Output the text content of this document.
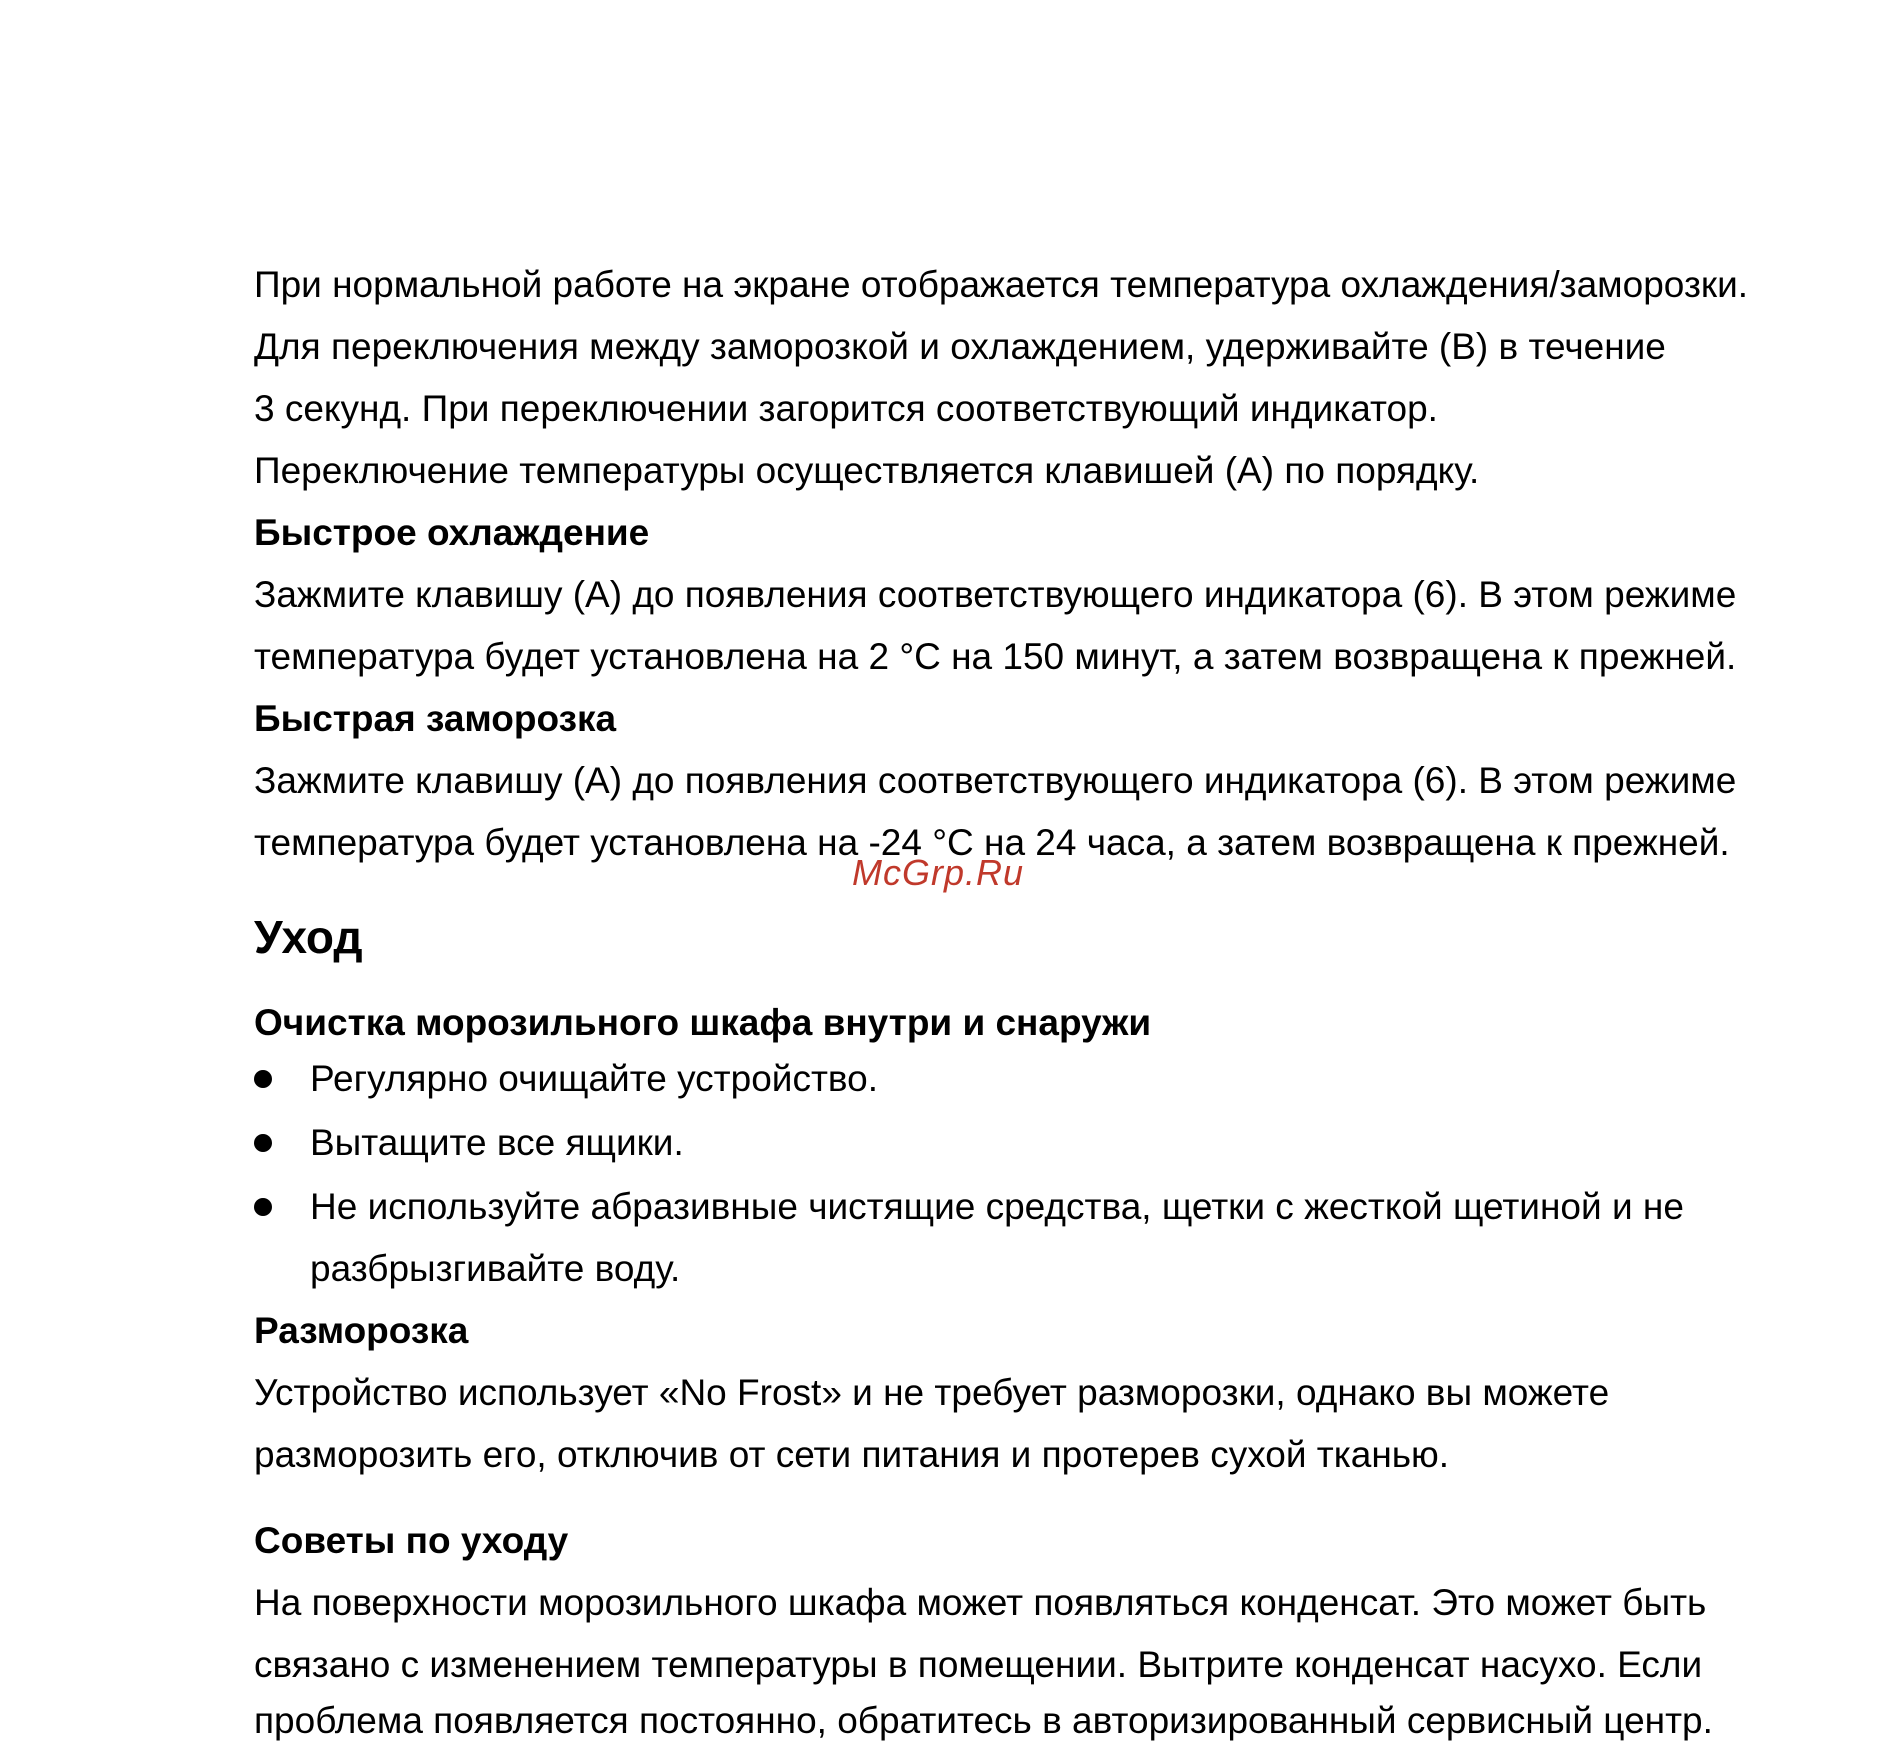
При нормальной работе на экране отображается температура охлаждения/заморозки.
Для переключения между заморозкой и охлаждением, удерживайте (В) в течение
3 секунд. При переключении загорится соответствующий индикатор.
Переключение температуры осуществляется клавишей (А) по порядку.
Быстрое охлаждение
Зажмите клавишу (А) до появления соответствующего индикатора (6). В этом режиме
температура будет установлена на 2 °С на 150 минут, а затем возвращена к прежней.
Быстрая заморозка
Зажмите клавишу (А) до появления соответствующего индикатора (6). В этом режиме
температура будет установлена на -24 °С на 24 часа, а затем возвращена к прежней.
McGrp.Ru
Уход
Очистка морозильного шкафа внутри и снаружи
Регулярно очищайте устройство.
Вытащите все ящики.
Не используйте абразивные чистящие средства, щетки с жесткой щетиной и не
разбрызгивайте воду.
Разморозка
Устройство использует «No Frost» и не требует разморозки, однако вы можете
разморозить его, отключив от сети питания и протерев сухой тканью.
Советы по уходу
На поверхности морозильного шкафа может появляться конденсат. Это может быть
связано с изменением температуры в помещении. Вытрите конденсат насухо. Если
проблема появляется постоянно, обратитесь в авторизированный сервисный центр.
